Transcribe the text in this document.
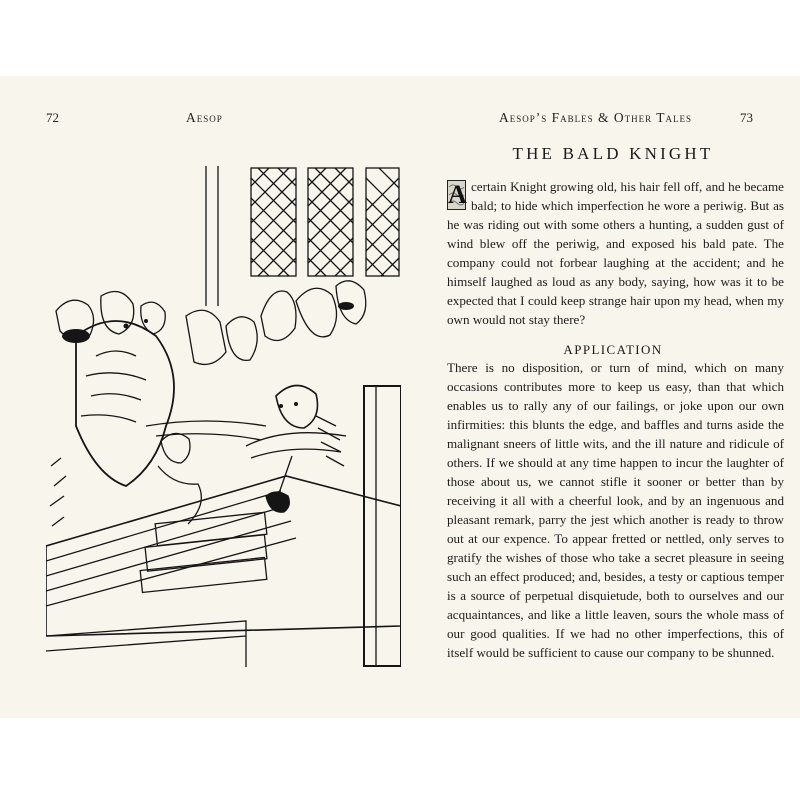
72	Aesop	Aesop’s Fables & Other Tales	73
THE BALD KNIGHT

A certain Knight growing old, his hair fell off, and he became bald; to hide which imperfection he wore a periwig. But as he was riding out with some others a hunting, a sudden gust of wind blew off the periwig, and exposed his bald pate. The company could not forbear laughing at the accident; and he himself laughed as loud as any body, saying, how was it to be expected that I could keep strange hair upon my head, when my own would not stay there?

APPLICATION

There is no disposition, or turn of mind, which on many occasions contributes more to keep us easy, than that which enables us to rally any of our failings, or joke upon our own infirmities: this blunts the edge, and baffles and turns aside the malignant sneers of little wits, and the ill nature and ridicule of others. If we should at any time happen to incur the laughter of those about us, we cannot stifle it sooner or better than by receiving it all with a cheerful look, and by an ingenuous and pleasant remark, parry the jest which another is ready to throw out at our expence. To appear fretted or nettled, only serves to gratify the wishes of those who take a secret pleasure in seeing such an effect produced; and, besides, a testy or captious temper is a source of perpetual disquietude, both to ourselves and our acquaintances, and like a little leaven, sours the whole mass of our good qualities. If we had no other imperfections, this of itself would be sufficient to cause our company to be shunned.
